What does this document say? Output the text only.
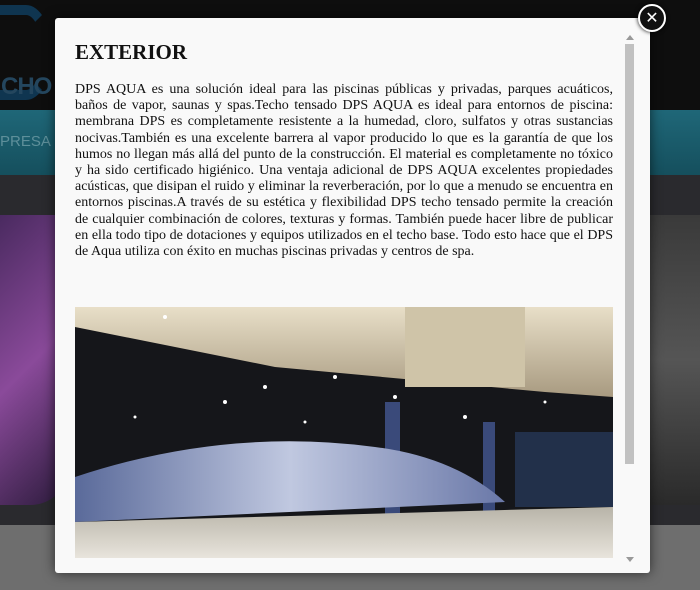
CHO
PRESA
EXTERIOR

DPS AQUA es una solución ideal para las piscinas públicas y privadas, parques acuáticos, baños de vapor, saunas y spas.Techo tensado DPS AQUA es ideal para entornos de piscina: membrana DPS es completamente resistente a la humedad, cloro, sulfatos y otras sustancias nocivas.También es una excelente barrera al vapor producido lo que es la garantía de que los humos no llegan más allá del punto de la construcción. El material es completamente no tóxico y ha sido certificado higiénico. Una ventaja adicional de DPS AQUA excelentes propiedades acústicas, que disipan el ruido y eliminar la reverberación, por lo que a menudo se encuentra en entornos piscinas.A través de su estética y flexibilidad DPS techo tensado permite la creación de cualquier combinación de colores, texturas y formas. También puede hacer libre de publicar en ella todo tipo de dotaciones y equipos utilizados en el techo base. Todo esto hace que el DPS de Aqua utiliza con éxito en muchas piscinas privadas y centros de spa.

✕
